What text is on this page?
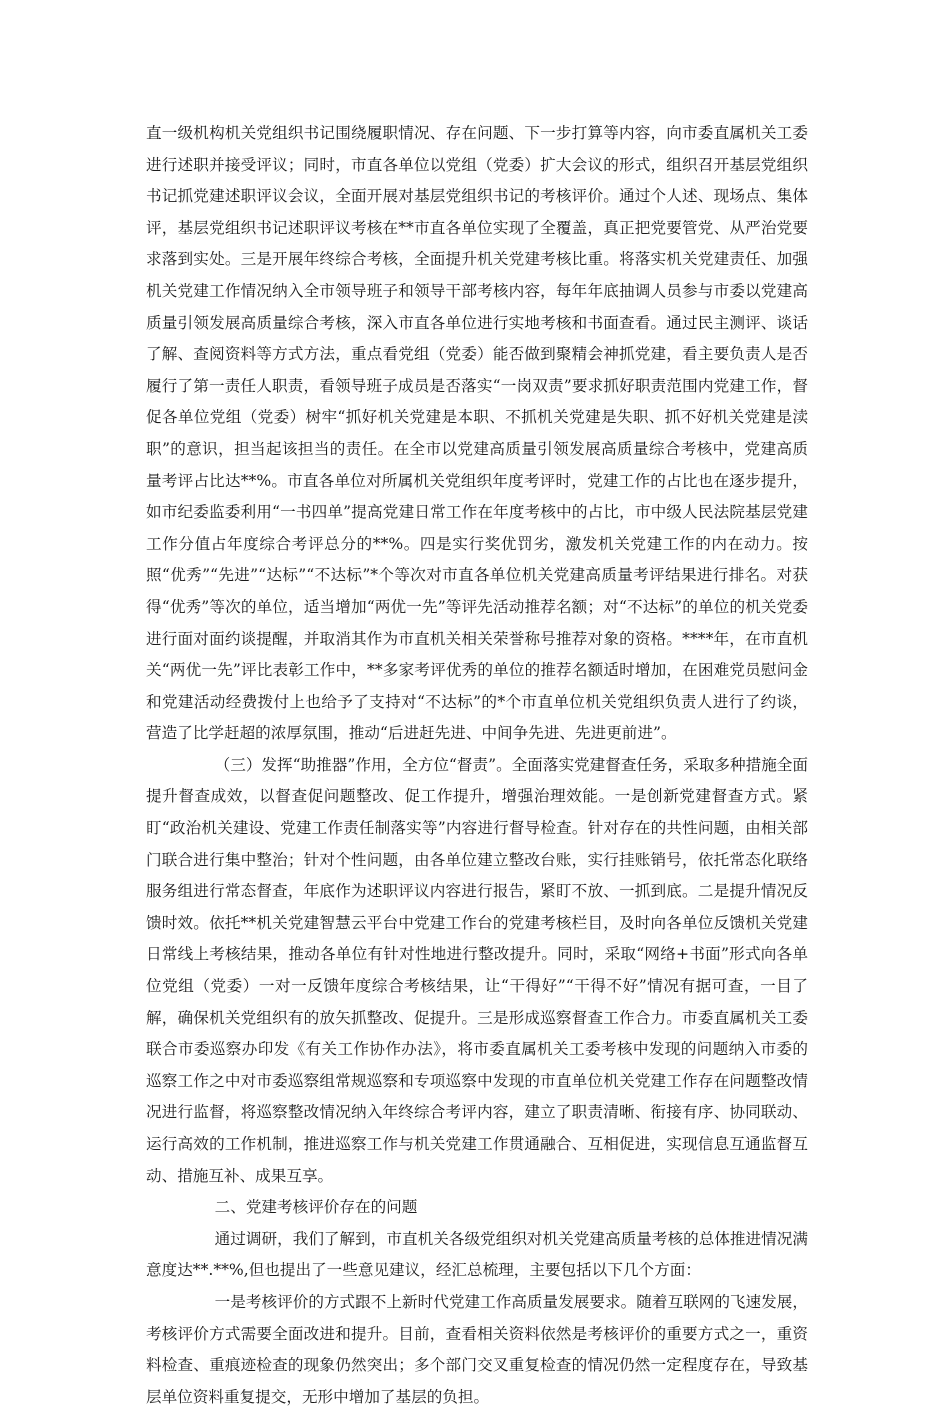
直一级机构机关党组织书记围绕履职情况、存在问题、下一步打算等内容，向市委直属机关工委进行述职并接受评议；同时，市直各单位以党组（党委）扩大会议的形式，组织召开基层党组织书记抓党建述职评议会议，全面开展对基层党组织书记的考核评价。通过个人述、现场点、集体评，基层党组织书记述职评议考核在**市直各单位实现了全覆盖，真正把党要管党、从严治党要求落到实处。三是开展年终综合考核，全面提升机关党建考核比重。将落实机关党建责任、加强机关党建工作情况纳入全市领导班子和领导干部考核内容，每年年底抽调人员参与市委以党建高质量引领发展高质量综合考核，深入市直各单位进行实地考核和书面查看。通过民主测评、谈话了解、查阅资料等方式方法，重点看党组（党委）能否做到聚精会神抓党建，看主要负责人是否履行了第一责任人职责，看领导班子成员是否落实“一岗双责”要求抓好职责范围内党建工作，督促各单位党组（党委）树牢“抓好机关党建是本职、不抓机关党建是失职、抓不好机关党建是渎职”的意识，担当起该担当的责任。在全市以党建高质量引领发展高质量综合考核中，党建高质量考评占比达**%。市直各单位对所属机关党组织年度考评时，党建工作的占比也在逐步提升，如市纪委监委利用“一书四单”提高党建日常工作在年度考核中的占比，市中级人民法院基层党建工作分值占年度综合考评总分的**%。四是实行奖优罚劣，激发机关党建工作的内在动力。按照“优秀”“先进”“达标”“不达标”*个等次对市直各单位机关党建高质量考评结果进行排名。对获得“优秀”等次的单位，适当增加“两优一先”等评先活动推荐名额；对“不达标”的单位的机关党委进行面对面约谈提醒，并取消其作为市直机关相关荣誉称号推荐对象的资格。****年，在市直机关“两优一先”评比表彰工作中，**多家考评优秀的单位的推荐名额适时增加，在困难党员慰问金和党建活动经费拨付上也给予了支持对“不达标”的*个市直单位机关党组织负责人进行了约谈，营造了比学赶超的浓厚氛围，推动“后进赶先进、中间争先进、先进更前进”。

（三）发挥“助推器”作用，全方位“督责”。全面落实党建督查任务，采取多种措施全面提升督查成效，以督查促问题整改、促工作提升，增强治理效能。一是创新党建督查方式。紧盯“政治机关建设、党建工作责任制落实等”内容进行督导检查。针对存在的共性问题，由相关部门联合进行集中整治；针对个性问题，由各单位建立整改台账，实行挂账销号，依托常态化联络服务组进行常态督查，年底作为述职评议内容进行报告，紧盯不放、一抓到底。二是提升情况反馈时效。依托**机关党建智慧云平台中党建工作台的党建考核栏目，及时向各单位反馈机关党建日常线上考核结果，推动各单位有针对性地进行整改提升。同时，采取“网络+书面”形式向各单位党组（党委）一对一反馈年度综合考核结果，让“干得好”“干得不好”情况有据可查，一目了解，确保机关党组织有的放矢抓整改、促提升。三是形成巡察督查工作合力。市委直属机关工委联合市委巡察办印发《有关工作协作办法》，将市委直属机关工委考核中发现的问题纳入市委的巡察工作之中对市委巡察组常规巡察和专项巡察中发现的市直单位机关党建工作存在问题整改情况进行监督，将巡察整改情况纳入年终综合考评内容，建立了职责清晰、衔接有序、协同联动、运行高效的工作机制，推进巡察工作与机关党建工作贯通融合、互相促进，实现信息互通监督互动、措施互补、成果互享。

二、党建考核评价存在的问题

通过调研，我们了解到，市直机关各级党组织对机关党建高质量考核的总体推进情况满意度达**.**%,但也提出了一些意见建议，经汇总梳理，主要包括以下几个方面：

一是考核评价的方式跟不上新时代党建工作高质量发展要求。随着互联网的飞速发展，考核评价方式需要全面改进和提升。目前，查看相关资料依然是考核评价的重要方式之一，重资料检查、重痕迹检查的现象仍然突出；多个部门交叉重复检查的情况仍然一定程度存在，导致基层单位资料重复提交，无形中增加了基层的负担。
